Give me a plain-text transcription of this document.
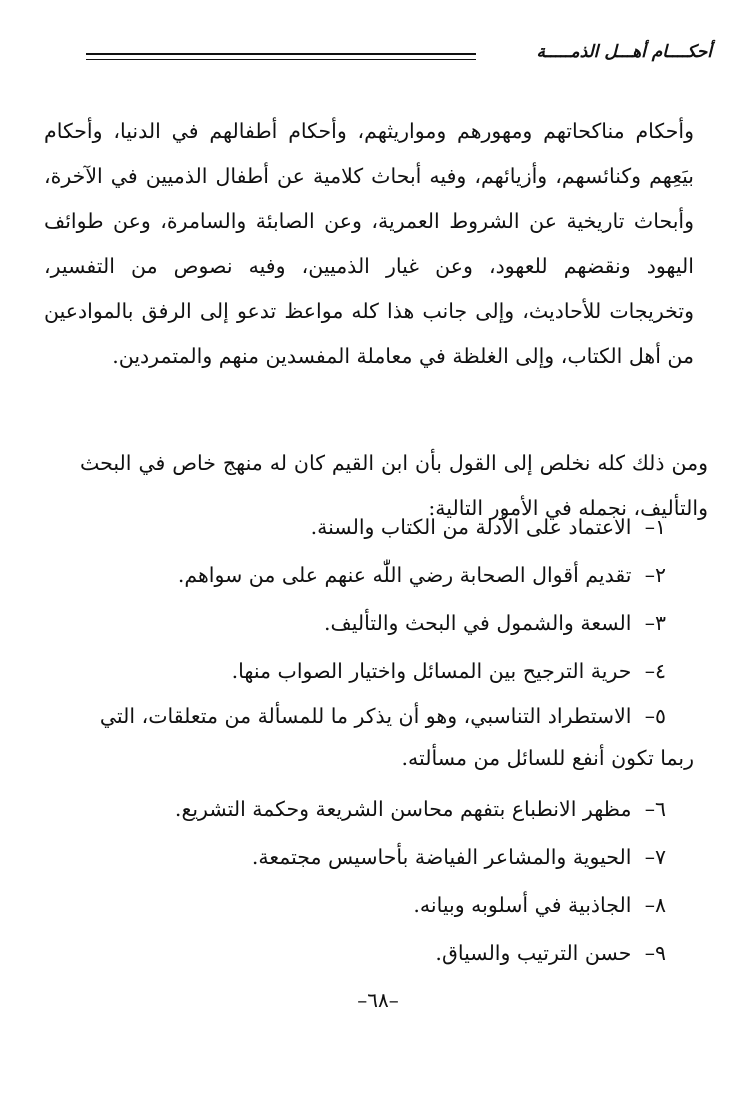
أحكــــام أهـــل الذمـــــة

وأحكام مناكحاتهم ومهورهم ومواريثهم، وأحكام أطفالهم في الدنيا، وأحكام بيَعِهم وكنائسهم، وأزيائهم، وفيه أبحاث كلامية عن أطفال الذميين في الآخرة، وأبحاث تاريخية عن الشروط العمرية، وعن الصابئة والسامرة، وعن طوائف اليهود ونقضهم للعهود، وعن غيار الذميين، وفيه نصوص من التفسير، وتخريجات للأحاديث، وإلى جانب هذا كله مواعظ تدعو إلى الرفق بالموادعين من أهل الكتاب، وإلى الغلظة في معاملة المفسدين منهم والمتمردين.

ومن ذلك كله نخلص إلى القول بأن ابن القيم كان له منهج خاص في البحث والتأليف، نجمله في الأمور التالية:

١– الاعتماد على الأدلة من الكتاب والسنة.
٢– تقديم أقوال الصحابة رضي اللّٰه عنهم على من سواهم.
٣– السعة والشمول في البحث والتأليف.
٤– حرية الترجيح بين المسائل واختيار الصواب منها.
٥– الاستطراد التناسبي، وهو أن يذكر ما للمسألة من متعلقات، التي
ربما تكون أنفع للسائل من مسألته.
٦– مظهر الانطباع بتفهم محاسن الشريعة وحكمة التشريع.
٧– الحيوية والمشاعر الفياضة بأحاسيس مجتمعة.
٨– الجاذبية في أسلوبه وبيانه.
٩– حسن الترتيب والسياق.
–٦٨–
